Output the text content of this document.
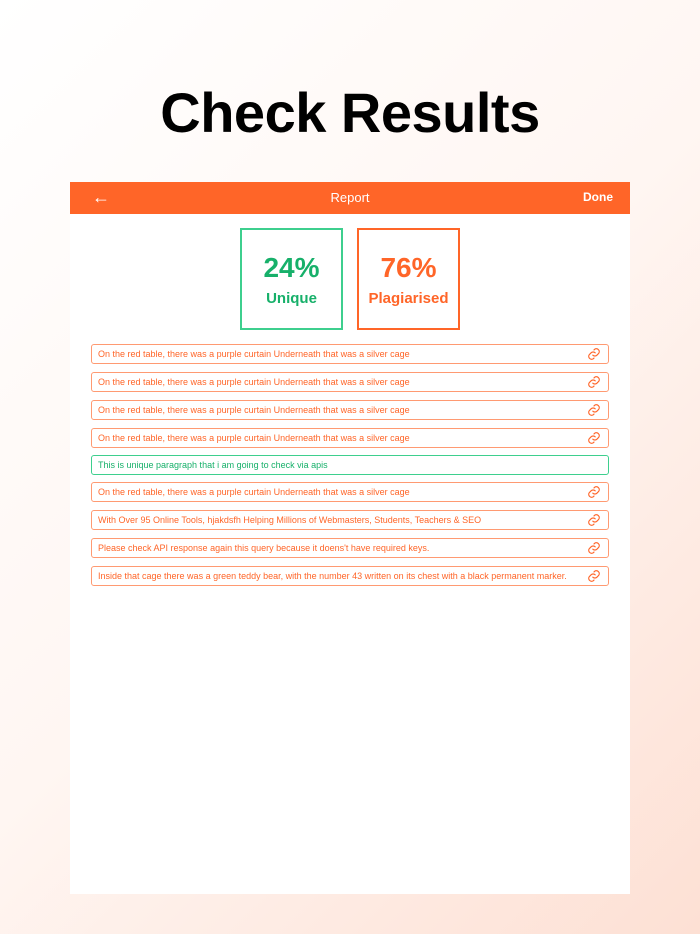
Check Results
←	Report	Done
24%
Unique
76%
Plagiarised
On the red table, there was a purple curtain Underneath that was a silver cage
On the red table, there was a purple curtain Underneath that was a silver cage
On the red table, there was a purple curtain Underneath that was a silver cage
On the red table, there was a purple curtain Underneath that was a silver cage
This is unique paragraph that i am going to check via apis
On the red table, there was a purple curtain Underneath that was a silver cage
With Over 95 Online Tools, hjakdsfh Helping Millions of Webmasters, Students, Teachers & SEO
Please check API response again this query because it doens't have required keys.
Inside that cage there was a green teddy bear, with the number 43 written on its chest with a black permanent marker.
